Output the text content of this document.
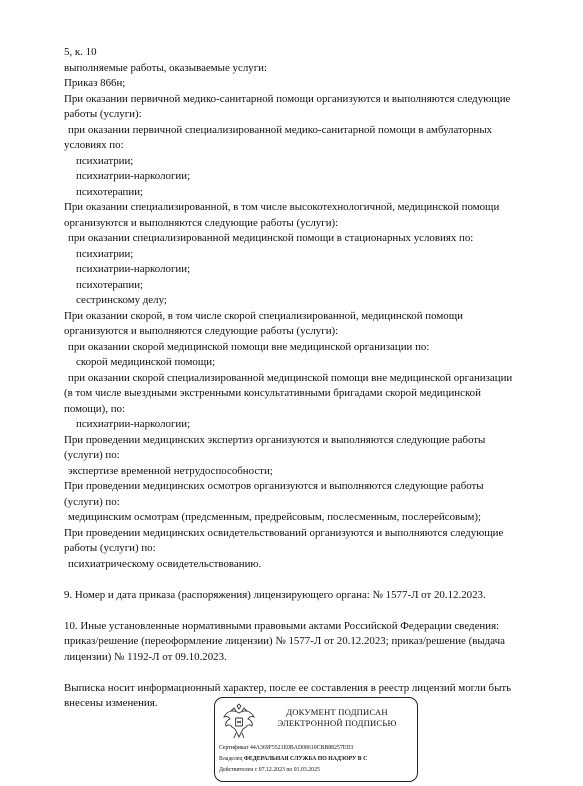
5, к. 10
выполняемые работы, оказываемые услуги:
Приказ 866н;
При оказании первичной медико-санитарной помощи организуются и выполняются следующие
работы (услуги):
при оказании первичной специализированной медико-санитарной помощи в амбулаторных
условиях по:
психиатрии;
психиатрии-наркологии;
психотерапии;
При оказании специализированной, в том числе высокотехнологичной, медицинской помощи
организуются и выполняются следующие работы (услуги):
при оказании специализированной медицинской помощи в стационарных условиях по:
психиатрии;
психиатрии-наркологии;
психотерапии;
сестринскому делу;
При оказании скорой, в том числе скорой специализированной, медицинской помощи
организуются и выполняются следующие работы (услуги):
при оказании скорой медицинской помощи вне медицинской организации по:
скорой медицинской помощи;
при оказании скорой специализированной медицинской помощи вне медицинской организации
(в том числе выездными экстренными консультативными бригадами скорой медицинской
помощи), по:
психиатрии-наркологии;
При проведении медицинских экспертиз организуются и выполняются следующие работы
(услуги) по:
экспертизе временной нетрудоспособности;
При проведении медицинских осмотров организуются и выполняются следующие работы
(услуги) по:
медицинским осмотрам (предсменным, предрейсовым, послесменным, послерейсовым);
При проведении медицинских освидетельствований организуются и выполняются следующие
работы (услуги) по:
психиатрическому освидетельствованию.
9. Номер и дата приказа (распоряжения) лицензирующего органа: № 1577-Л от 20.12.2023.
10. Иные установленные нормативными правовыми актами Российской Федерации сведения:
приказ/решение (переоформление лицензии) № 1577-Л от 20.12.2023; приказ/решение (выдача
лицензии) № 1192-Л от 09.10.2023.
Выписка носит информационный характер, после ее составления в реестр лицензий могли быть
внесены изменения.
ДОКУМЕНТ ПОДПИСАН
ЭЛЕКТРОННОЙ ПОДПИСЬЮ
Сертификат 44A369F5521E0BAD08610CBB88257ED3
Владелец ФЕДЕРАЛЬНАЯ СЛУЖБА ПО НАДЗОРУ В С
Действителен с 07.12.2023 по 01.03.2025
